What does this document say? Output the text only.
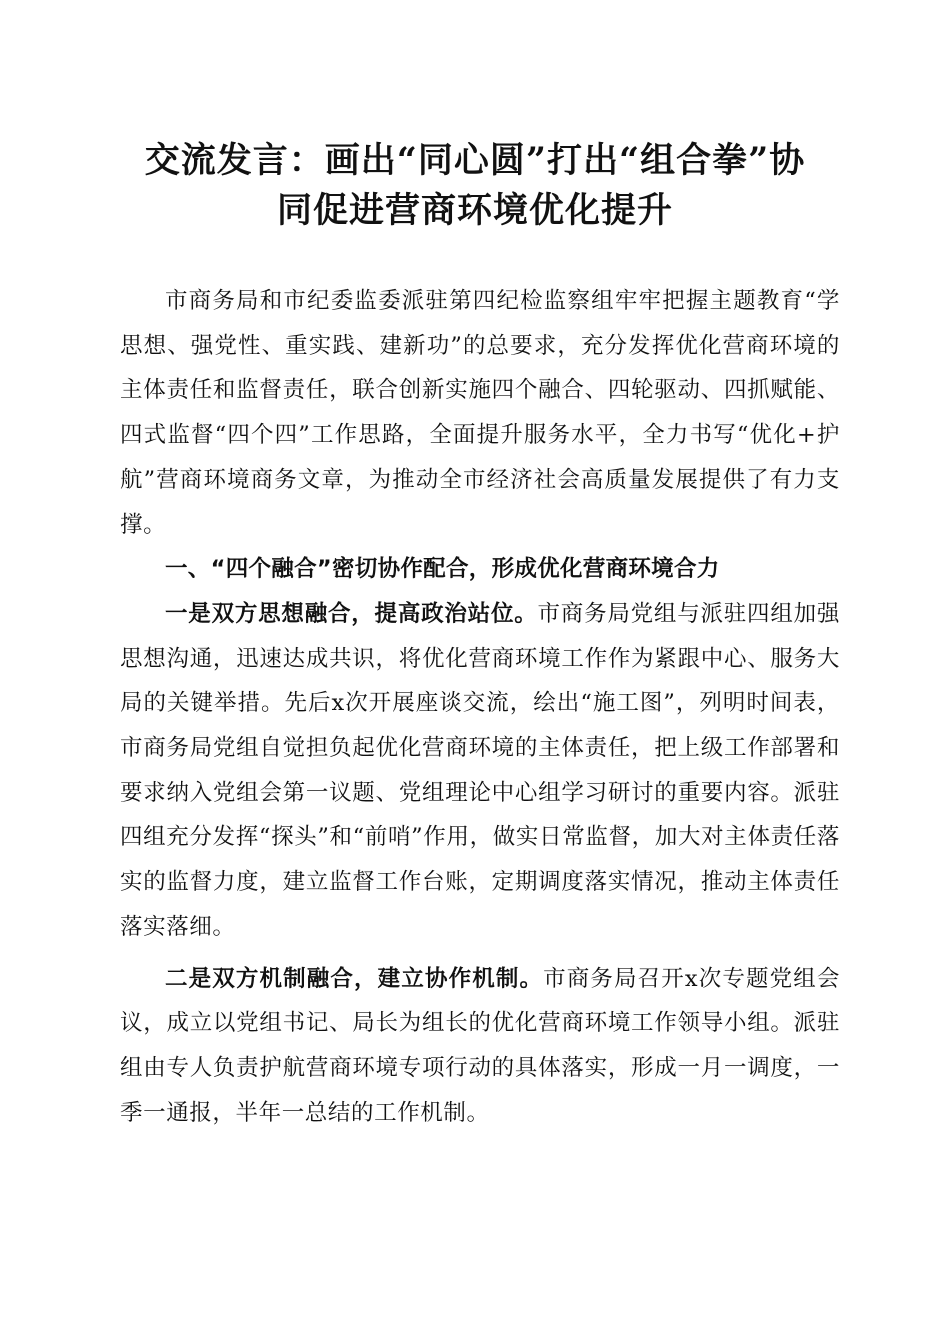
交流发言：画出“同心圆”打出“组合拳”协
同促进营商环境优化提升

市商务局和市纪委监委派驻第四纪检监察组牢牢把握主题教育“学思想、强党性、重实践、建新功”的总要求，充分发挥优化营商环境的主体责任和监督责任，联合创新实施四个融合、四轮驱动、四抓赋能、四式监督“四个四”工作思路，全面提升服务水平，全力书写“优化+护航”营商环境商务文章，为推动全市经济社会高质量发展提供了有力支撑。

一、“四个融合”密切协作配合，形成优化营商环境合力

一是双方思想融合，提高政治站位。市商务局党组与派驻四组加强思想沟通，迅速达成共识，将优化营商环境工作作为紧跟中心、服务大局的关键举措。先后x次开展座谈交流，绘出“施工图”，列明时间表，市商务局党组自觉担负起优化营商环境的主体责任，把上级工作部署和要求纳入党组会第一议题、党组理论中心组学习研讨的重要内容。派驻四组充分发挥“探头”和“前哨”作用，做实日常监督，加大对主体责任落实的监督力度，建立监督工作台账，定期调度落实情况，推动主体责任落实落细。

二是双方机制融合，建立协作机制。市商务局召开x次专题党组会议，成立以党组书记、局长为组长的优化营商环境工作领导小组。派驻组由专人负责护航营商环境专项行动的具体落实，形成一月一调度，一季一通报，半年一总结的工作机制。
